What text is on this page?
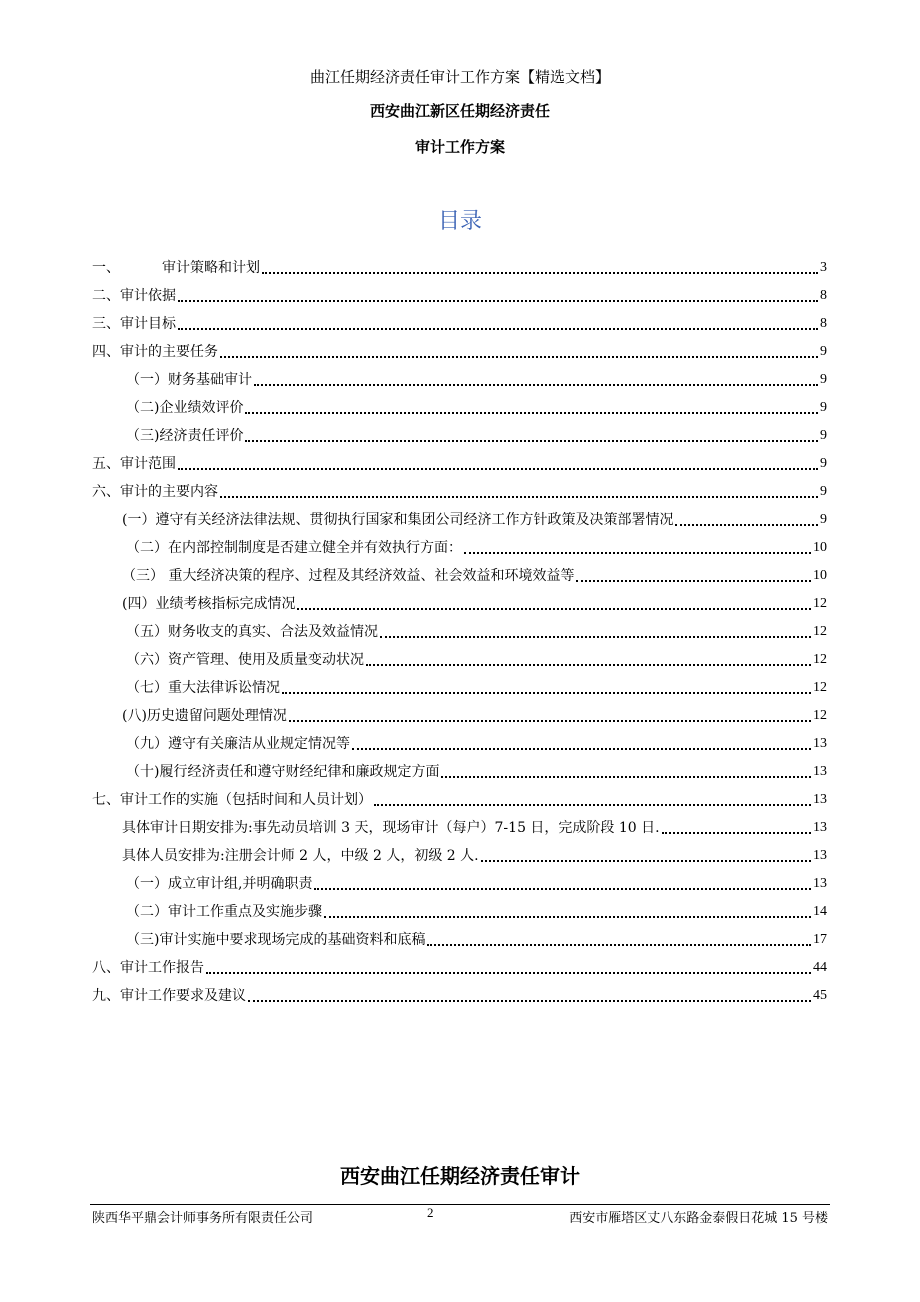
曲江任期经济责任审计工作方案【精选文档】
西安曲江新区任期经济责任
审计工作方案
目录
一、	审计策略和计划	3
二、审计依据	8
三、审计目标	8
四、审计的主要任务	9
（一）财务基础审计	9
（二)企业绩效评价	9
（三)经济责任评价	9
五、审计范围	9
六、审计的主要内容	9
(一）遵守有关经济法律法规、贯彻执行国家和集团公司经济工作方针政策及决策部署情况	9
（二）在内部控制制度是否建立健全并有效执行方面：	10
（三） 重大经济决策的程序、过程及其经济效益、社会效益和环境效益等	10
(四）业绩考核指标完成情况	12
（五）财务收支的真实、合法及效益情况	12
（六）资产管理、使用及质量变动状况	12
（七）重大法律诉讼情况	12
(八)历史遗留问题处理情况	12
（九）遵守有关廉洁从业规定情况等	13
（十)履行经济责任和遵守财经纪律和廉政规定方面	13
七、审计工作的实施（包括时间和人员计划）	13
具体审计日期安排为:事先动员培训 3 天，现场审计（每户）7-15 日，完成阶段 10 日.	13
具体人员安排为:注册会计师 2 人，中级 2 人，初级 2 人.	13
（一）成立审计组,并明确职责	13
（二）审计工作重点及实施步骤	14
（三)审计实施中要求现场完成的基础资料和底稿	17
八、审计工作报告	44
九、审计工作要求及建议	45
西安曲江任期经济责任审计
陕西华平鼎会计师事务所有限责任公司	2	西安市雁塔区丈八东路金泰假日花城 15 号楼
